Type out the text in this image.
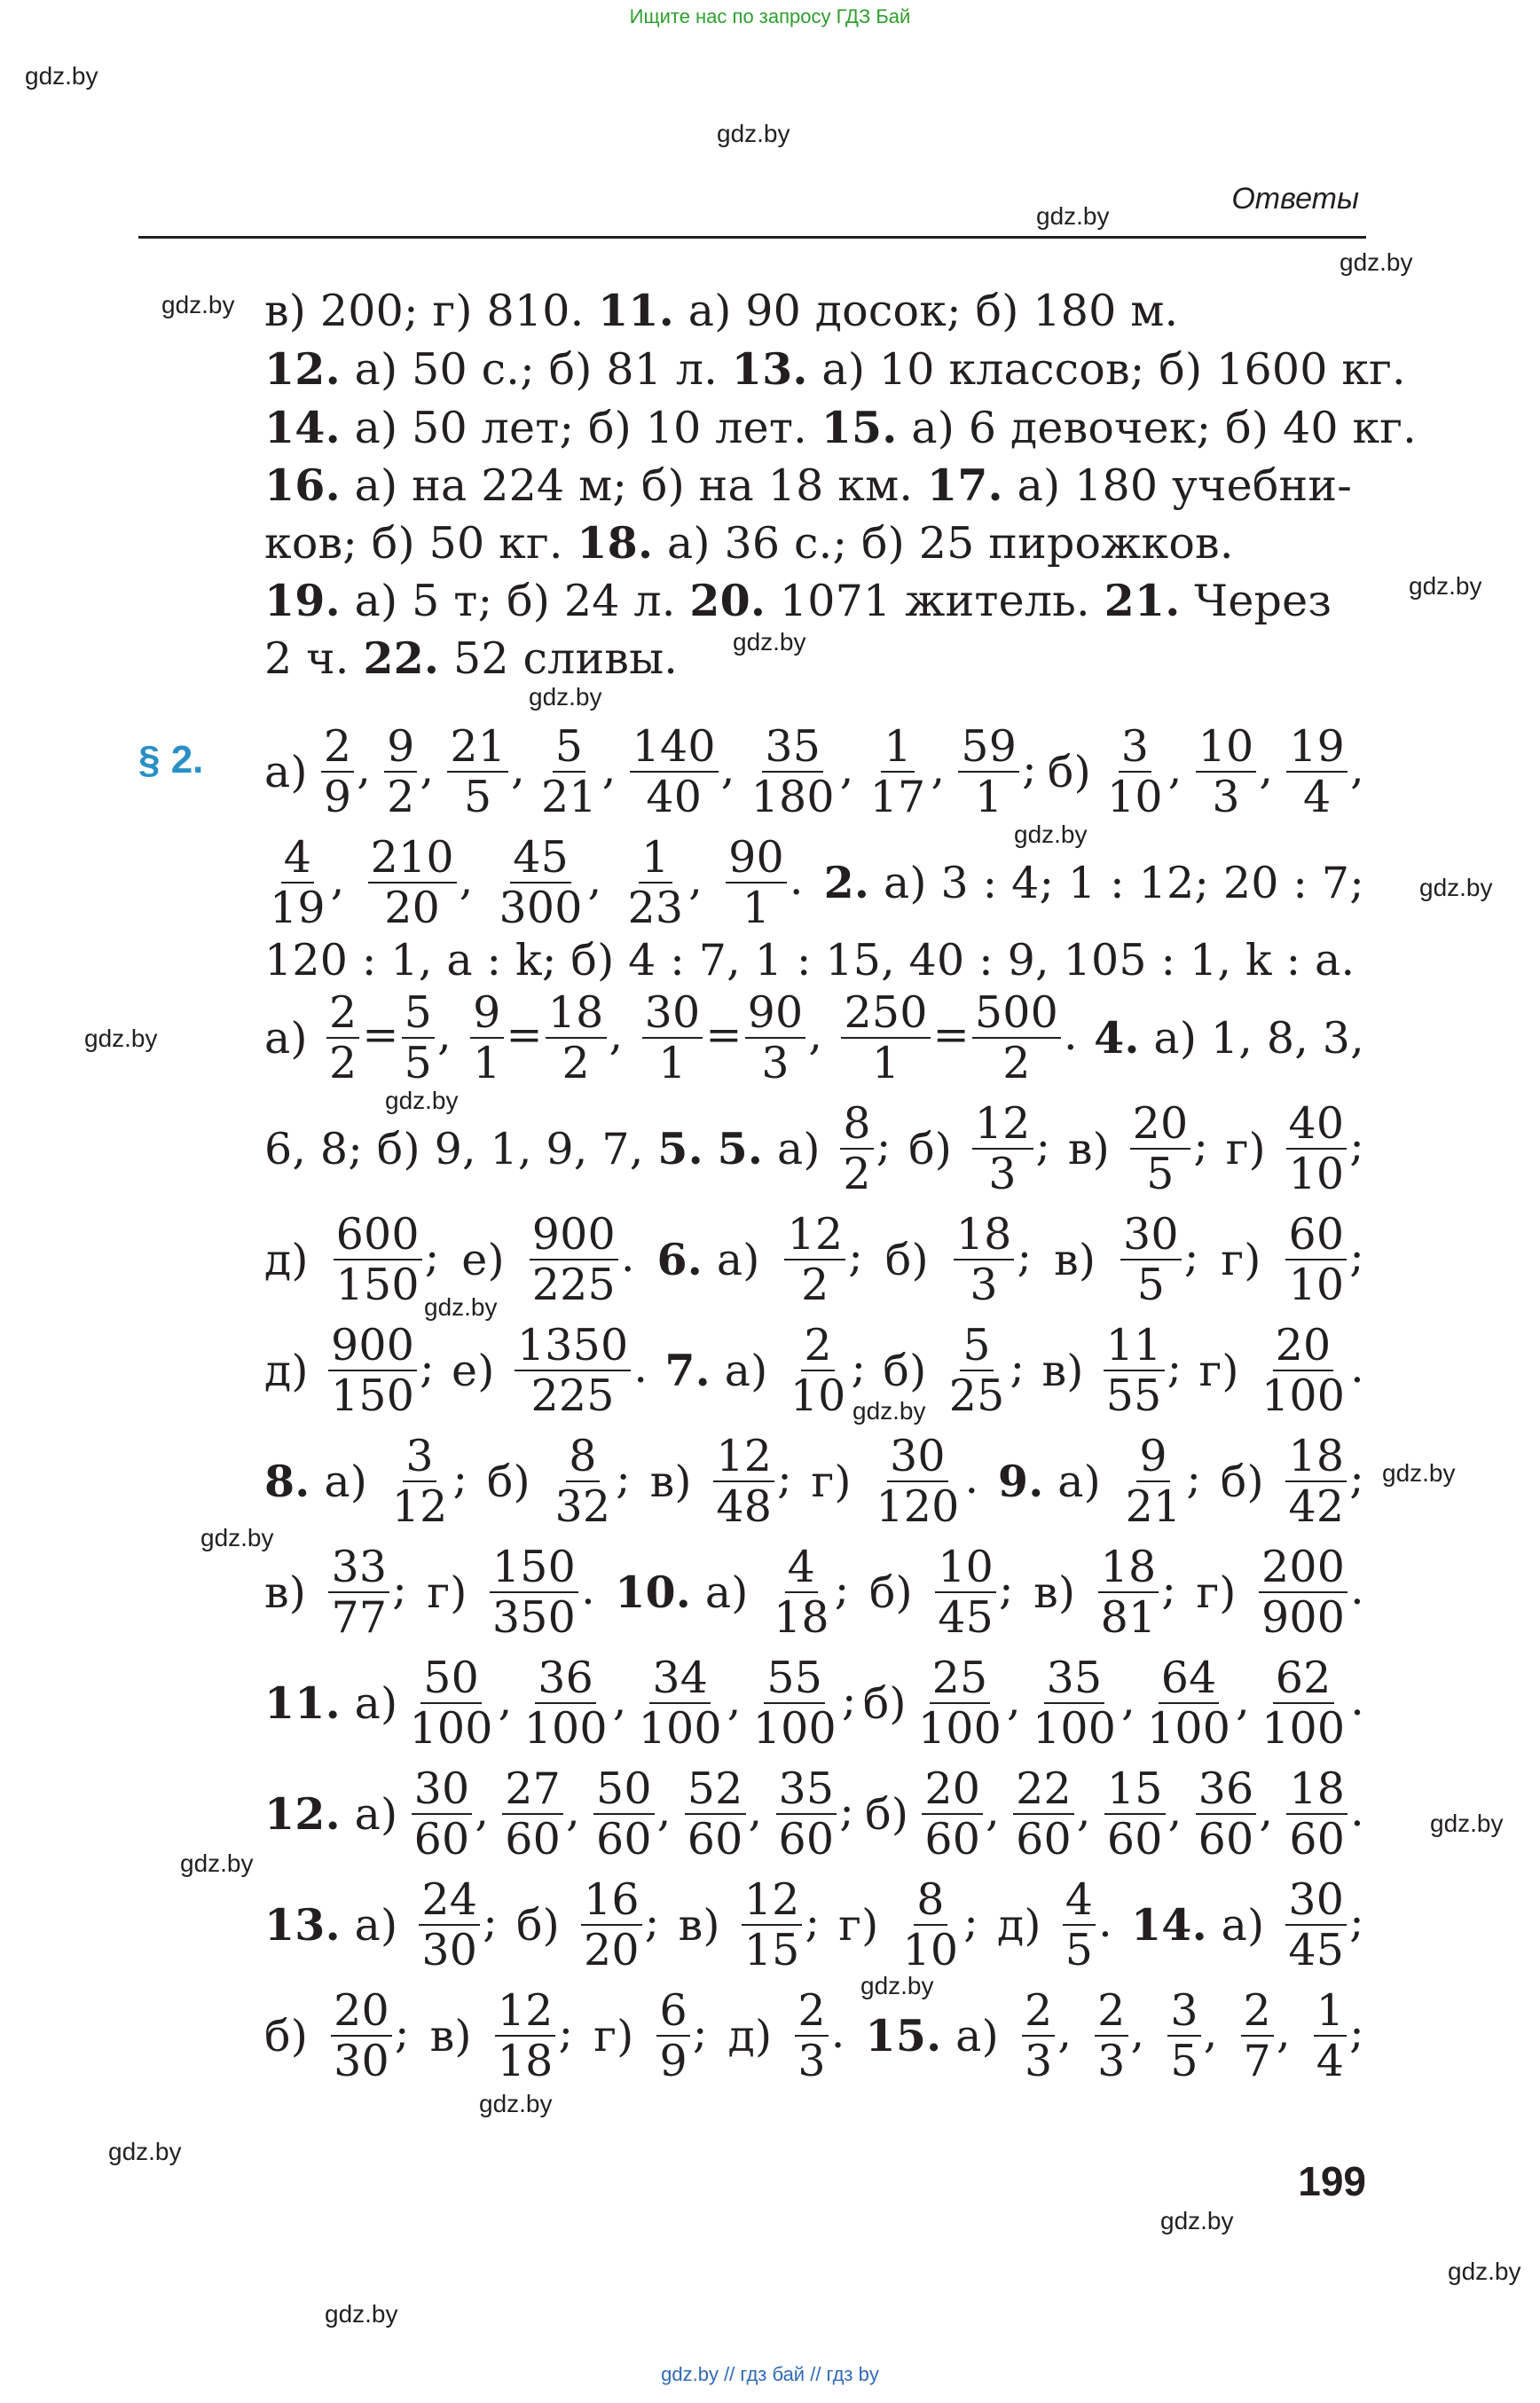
Ищите нас по запросу ГДЗ Бай
gdz.by
gdz.by
gdz.by
gdz.by
gdz.by
gdz.by
gdz.by
gdz.by
gdz.by
gdz.by
gdz.by
gdz.by
gdz.by
gdz.by
gdz.by
gdz.by
gdz.by
gdz.by
gdz.by
gdz.by
gdz.by
gdz.by
gdz.by
gdz.by
Ответы
в) 200; г) 810. 11. а) 90 досок; б) 180 м.
12. а) 50 с.; б) 81 л. 13. а) 10 классов; б) 1600 кг.
14. а) 50 лет; б) 10 лет. 15. а) 6 девочек; б) 40 кг.
16. а) на 224 м; б) на 18 км. 17. а) 180 учебни-
ков; б) 50 кг. 18. а) 36 с.; б) 25 пирожков.
19. а) 5 т; б) 24 л. 20. 1071 житель. 21. Через
2 ч. 22. 52 сливы.
§ 2. $а) \frac{2}{9}$ , $\frac{9}{2}$ , $\frac{21}{5}$ , $\frac{5}{21}$ , $\frac{140}{40}$ , $\frac{35}{180}$ , $\frac{1}{17}$ , $\frac{59}{1}$ ; $б) \frac{3}{10}$ , $\frac{10}{3}$ , $\frac{19}{4}$ ,
$\frac{4}{19}$ , $\frac{210}{20}$ , $\frac{45}{300}$ , $\frac{1}{23}$ , $\frac{90}{1}$ . 2. а) 3 : 4; 1 : 12; 20 : 7;
120 : 1, a : k; б) 4 : 7, 1 : 15, 40 : 9, 105 : 1, k : a.
$а) \frac{2}{2} = \frac{5}{5}$ , $\frac{9}{1} = \frac{18}{2}$ , $\frac{30}{1} = \frac{90}{3}$ , $\frac{250}{1} = \frac{500}{2}$ . 4. а) 1, 8, 3,
6, 8; б) 9, 1, 9, 7, 5. 5. $а) \frac{8}{2}$ ; $б) \frac{12}{3}$ ; $в) \frac{20}{5}$ ; $г) \frac{40}{10}$ ;
$д) \frac{600}{150}$ ; $е) \frac{900}{225}$ . 6. $а) \frac{12}{2}$ ; $б) \frac{18}{3}$ ; $в) \frac{30}{5}$ ; $г) \frac{60}{10}$ ;
$д) \frac{900}{150}$ ; $е) \frac{1350}{225}$ . 7. $а) \frac{2}{10}$ ; $б) \frac{5}{25}$ ; $в) \frac{11}{55}$ ; $г) \frac{20}{100}$ .
8. $а) \frac{3}{12}$ ; $б) \frac{8}{32}$ ; $в) \frac{12}{48}$ ; $г) \frac{30}{120}$ . 9. $а) \frac{9}{21}$ ; $б) \frac{18}{42}$ ;
$в) \frac{33}{77}$ ; $г) \frac{150}{350}$ . 10. $а) \frac{4}{18}$ ; $б) \frac{10}{45}$ ; $в) \frac{18}{81}$ ; $г) \frac{200}{900}$ .
11. $а) \frac{50}{100}$ , $\frac{36}{100}$ , $\frac{34}{100}$ , $\frac{55}{100}$ ; $б) \frac{25}{100}$ , $\frac{35}{100}$ , $\frac{64}{100}$ , $\frac{62}{100}$ .
12. $а) \frac{30}{60}$ , $\frac{27}{60}$ , $\frac{50}{60}$ , $\frac{52}{60}$ , $\frac{35}{60}$ ; $б) \frac{20}{60}$ , $\frac{22}{60}$ , $\frac{15}{60}$ , $\frac{36}{60}$ , $\frac{18}{60}$ .
13. $а) \frac{24}{30}$ ; $б) \frac{16}{20}$ ; $в) \frac{12}{15}$ ; $г) \frac{8}{10}$ ; $д) \frac{4}{5}$ . 14. $а) \frac{30}{45}$ ;
$б) \frac{20}{30}$ ; $в) \frac{12}{18}$ ; $г) \frac{6}{9}$ ; $д) \frac{2}{3}$ . 15. $а) \frac{2}{3}$ , $\frac{2}{3}$ , $\frac{3}{5}$ , $\frac{2}{7}$ , $\frac{1}{4}$ ;
199
gdz.by // гдз бай // гдз by
